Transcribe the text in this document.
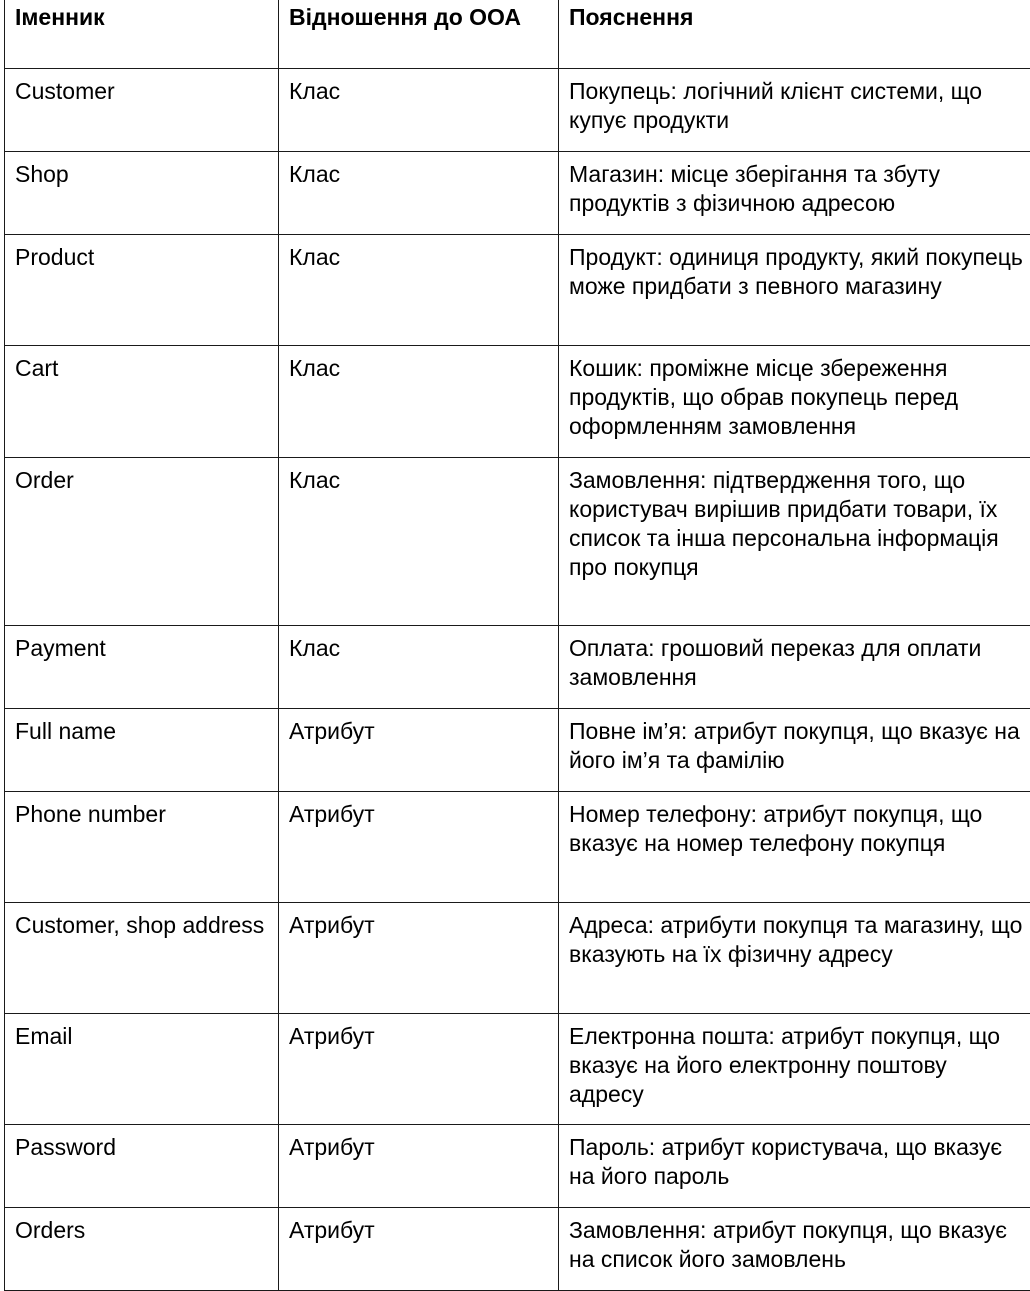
Іменник	Відношення до ООА	Пояснення
Customer	Клас	Покупець: логічний клієнт системи, що купує продукти
Shop	Клас	Магазин: місце зберігання та збуту продуктів з фізичною адресою
Product	Клас	Продукт: одиниця продукту, який покупець може придбати з певного магазину
Cart	Клас	Кошик: проміжне місце збереження продуктів, що обрав покупець перед оформленням замовлення
Order	Клас	Замовлення: підтвердження того, що користувач вирішив придбати товари, їх список та інша персональна інформація про покупця
Payment	Клас	Оплата: грошовий переказ для оплати замовлення
Full name	Атрибут	Повне ім’я: атрибут покупця, що вказує на його ім’я та фамілію
Phone number	Атрибут	Номер телефону: атрибут покупця, що вказує на номер телефону покупця
Customer, shop address	Атрибут	Адреса: атрибути покупця та магазину, що вказують на їх фізичну адресу
Email	Атрибут	Електронна пошта: атрибут покупця, що вказує на його електронну поштову адресу
Password	Атрибут	Пароль: атрибут користувача, що вказує на його пароль
Orders	Атрибут	Замовлення: атрибут покупця, що вказує на список його замовлень
